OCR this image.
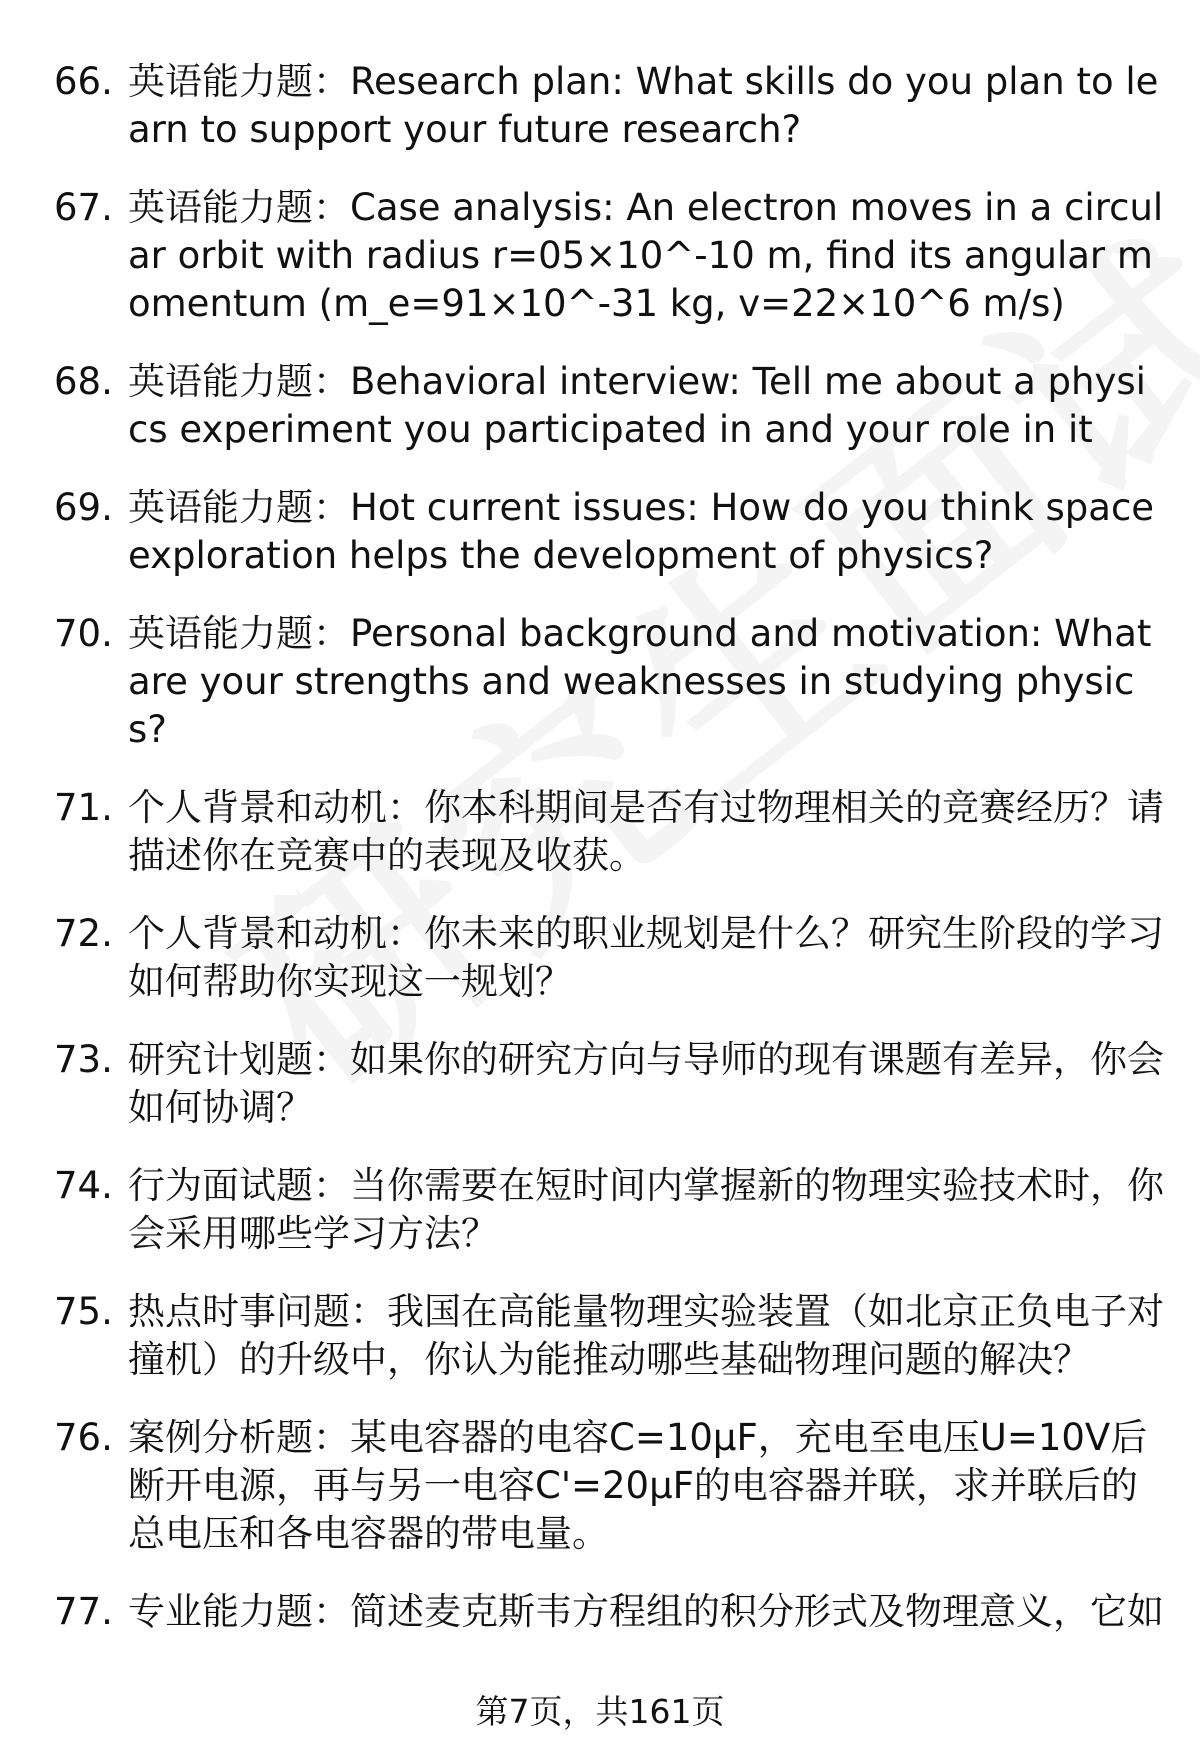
66. 英语能力题：Research plan: What skills do you plan to learn to support your future research?
67. 英语能力题：Case analysis: An electron moves in a circular orbit with radius r=05×10^-10 m, find its angular momentum (m_e=91×10^-31 kg, v=22×10^6 m/s)
68. 英语能力题：Behavioral interview: Tell me about a physics experiment you participated in and your role in it
69. 英语能力题：Hot current issues: How do you think space exploration helps the development of physics?
70. 英语能力题：Personal background and motivation: What are your strengths and weaknesses in studying physics?
71. 个人背景和动机：你本科期间是否有过物理相关的竞赛经历？请描述你在竞赛中的表现及收获。
72. 个人背景和动机：你未来的职业规划是什么？研究生阶段的学习如何帮助你实现这一规划？
73. 研究计划题：如果你的研究方向与导师的现有课题有差异，你会如何协调？
74. 行为面试题：当你需要在短时间内掌握新的物理实验技术时，你会采用哪些学习方法？
75. 热点时事问题：我国在高能量物理实验装置（如北京正负电子对撞机）的升级中，你认为能推动哪些基础物理问题的解决？
76. 案例分析题：某电容器的电容C=10μF，充电至电压U=10V后断开电源，再与另一电容C'=20μF的电容器并联，求并联后的总电压和各电容器的带电量。
77. 专业能力题：简述麦克斯韦方程组的积分形式及物理意义，它如
第7页，共161页
